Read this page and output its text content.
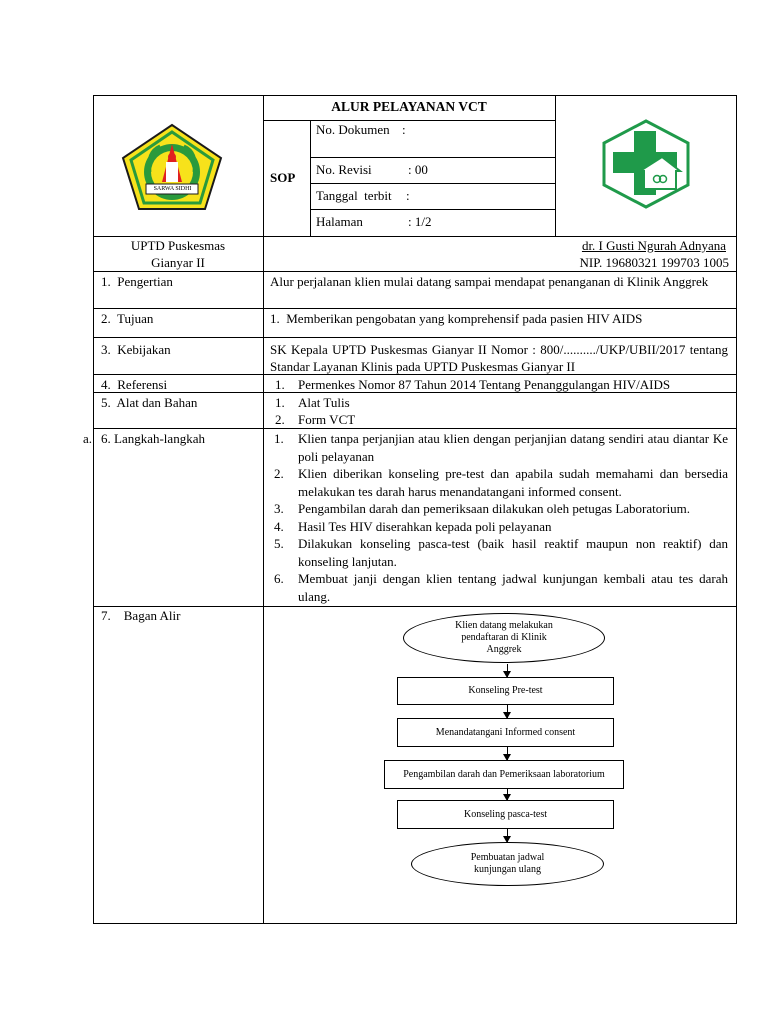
SARWA SIDHI
ALUR PELAYANAN VCT
SOP
No. Dokumen :
No. Revisi	: 00
Tanggal  terbit :
Halaman	: 1/2
UPTD Puskesmas
Gianyar II
dr. I Gusti Ngurah Adnyana
NIP. 19680321 199703 1005
1.  Pengertian	Alur perjalanan klien mulai datang sampai mendapat penanganan di Klinik Anggrek
2.  Tujuan	1.  Memberikan pengobatan yang komprehensif pada pasien HIV AIDS
3.  Kebijakan	SK Kepala UPTD Puskesmas Gianyar II Nomor : 800/........../UKP/UBII/2017 tentang Standar Layanan Klinis pada UPTD Puskesmas Gianyar II
4.  Referensi	1. Permenkes Nomor 87 Tahun 2014 Tentang Penanggulangan HIV/AIDS
5.  Alat dan Bahan	1. Alat Tulis
2. Form VCT
a. 6. Langkah-langkah	1. Klien tanpa perjanjian atau klien dengan perjanjian datang sendiri atau diantar Ke poli pelayanan
2. Klien diberikan konseling pre-test dan apabila sudah memahami dan bersedia melakukan tes darah harus menandatangani informed consent.
3. Pengambilan darah dan pemeriksaan dilakukan oleh petugas Laboratorium.
4. Hasil Tes HIV diserahkan kepada poli pelayanan
5. Dilakukan konseling pasca-test (baik hasil reaktif maupun non reaktif) dan konseling lanjutan.
6. Membuat janji dengan klien tentang jadwal kunjungan kembali atau tes darah ulang.
7.    Bagan Alir
Klien datang melakukan pendaftaran di Klinik Anggrek
Konseling Pre-test
Menandatangani Informed consent
Pengambilan darah dan Pemeriksaan laboratorium
Konseling pasca-test
Pembuatan jadwal kunjungan ulang
